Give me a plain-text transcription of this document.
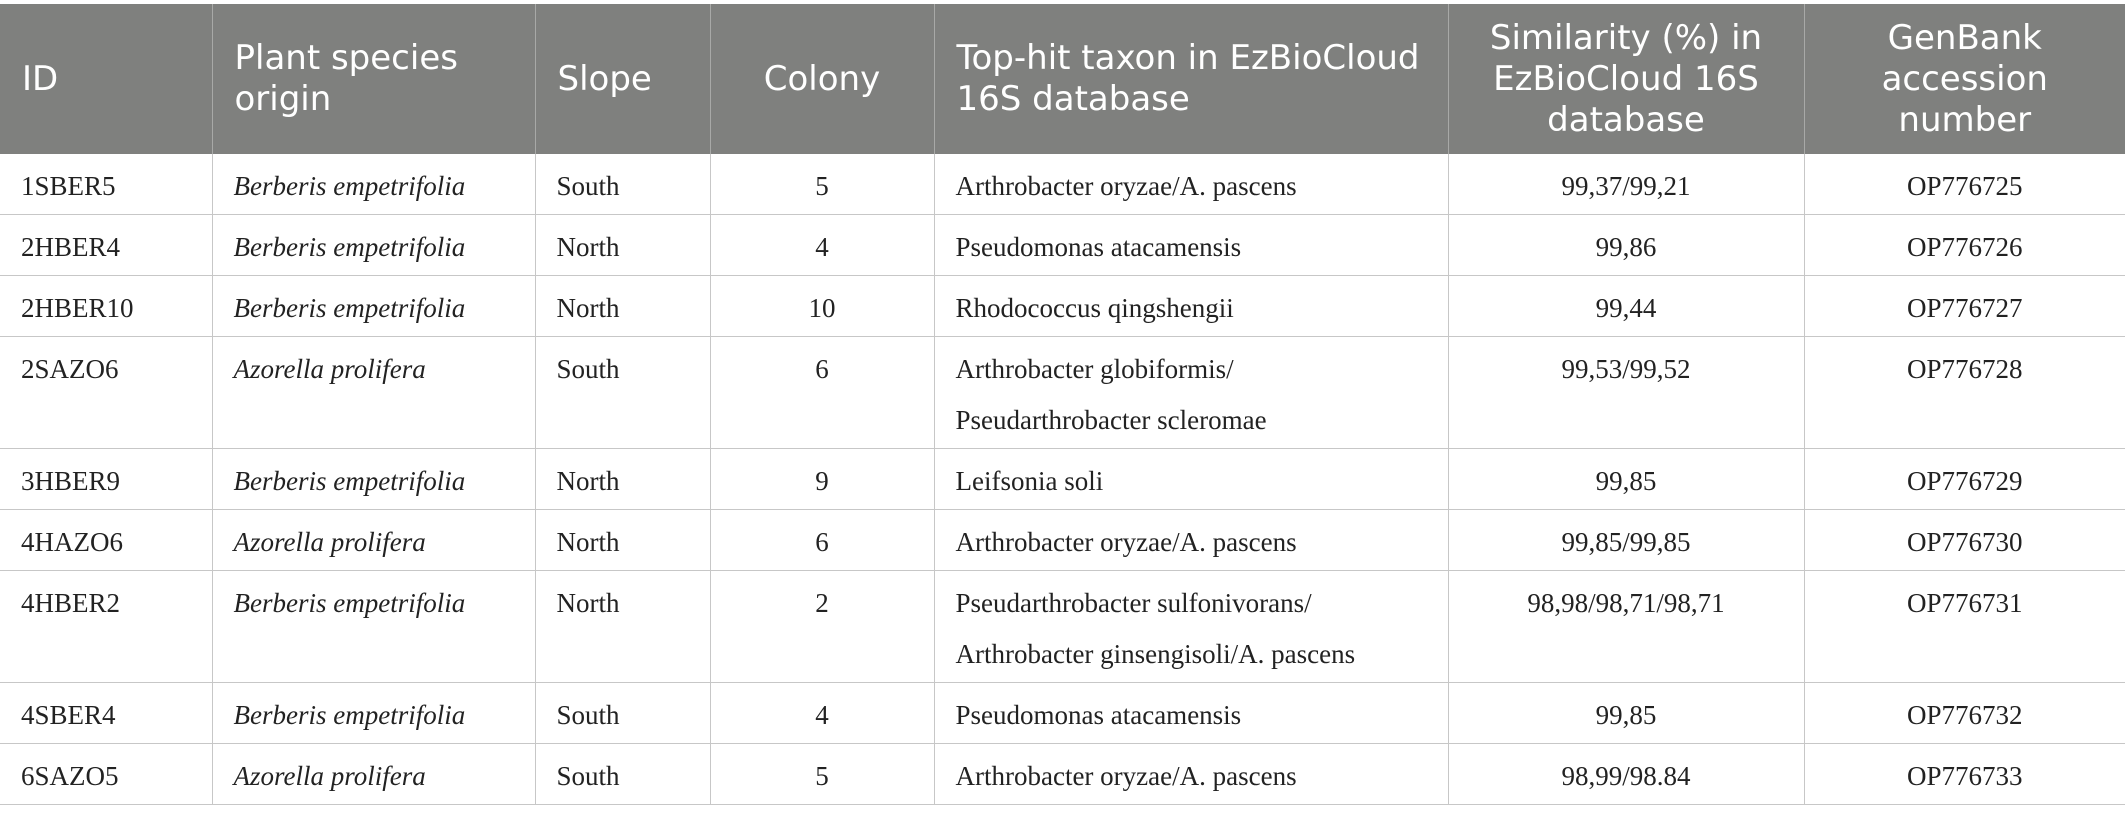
ID	Plant species origin	Slope	Colony	Top-hit taxon in EzBioCloud 16S database	Similarity (%) in EzBioCloud 16S database	GenBank accession number
1SBER5	Berberis empetrifolia	South	5	Arthrobacter oryzae/A. pascens	99,37/99,21	OP776725
2HBER4	Berberis empetrifolia	North	4	Pseudomonas atacamensis	99,86	OP776726
2HBER10	Berberis empetrifolia	North	10	Rhodococcus qingshengii	99,44	OP776727
2SAZO6	Azorella prolifera	South	6	Arthrobacter globiformis/
Pseudarthrobacter scleromae	99,53/99,52	OP776728
3HBER9	Berberis empetrifolia	North	9	Leifsonia soli	99,85	OP776729
4HAZO6	Azorella prolifera	North	6	Arthrobacter oryzae/A. pascens	99,85/99,85	OP776730
4HBER2	Berberis empetrifolia	North	2	Pseudarthrobacter sulfonivorans/
Arthrobacter ginsengisoli/A. pascens	98,98/98,71/98,71	OP776731
4SBER4	Berberis empetrifolia	South	4	Pseudomonas atacamensis	99,85	OP776732
6SAZO5	Azorella prolifera	South	5	Arthrobacter oryzae/A. pascens	98,99/98.84	OP776733
